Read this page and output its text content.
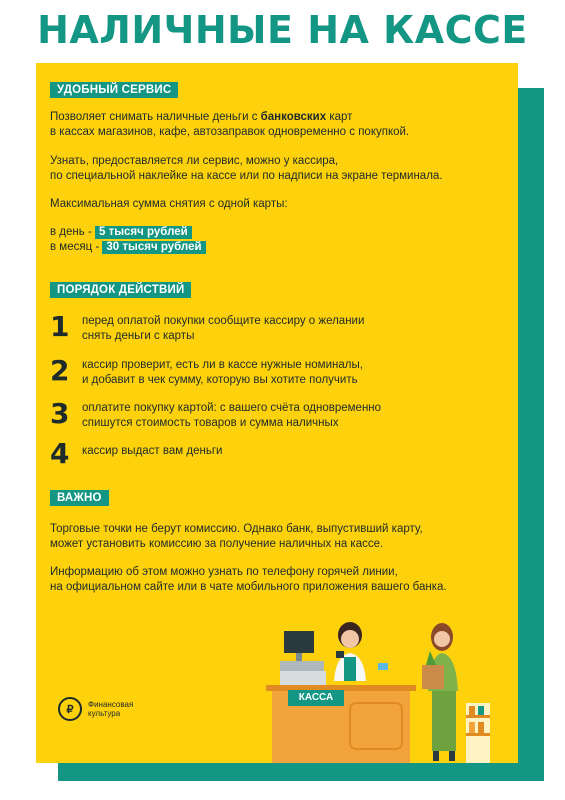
НАЛИЧНЫЕ НА КАССЕ
УДОБНЫЙ СЕРВИС

Позволяет снимать наличные деньги с банковских карт
в кассах магазинов, кафе, автозаправок одновременно с покупкой.

Узнать, предоставляется ли сервис, можно у кассира,
по специальной наклейке на кассе или по надписи на экране терминала.

Максимальная сумма снятия с одной карты:

в день - 5 тысяч рублей
в месяц - 30 тысяч рублей

ПОРЯДОК ДЕЙСТВИЙ
1 перед оплатой покупки сообщите кассиру о желании
снять деньги с карты

2 кассир проверит, есть ли в кассе нужные номиналы,
и добавит в чек сумму, которую вы хотите получить

3 оплатите покупку картой: с вашего счёта одновременно
спишутся стоимость товаров и сумма наличных

4 кассир выдаст вам деньги

ВАЖНО

Торговые точки не берут комиссию. Однако банк, выпустивший карту,
может установить комиссию за получение наличных на кассе.

Информацию об этом можно узнать по телефону горячей линии,
на официальном сайте или в чате мобильного приложения вашего банка.

₽	Финансовая
культура
КАССА
